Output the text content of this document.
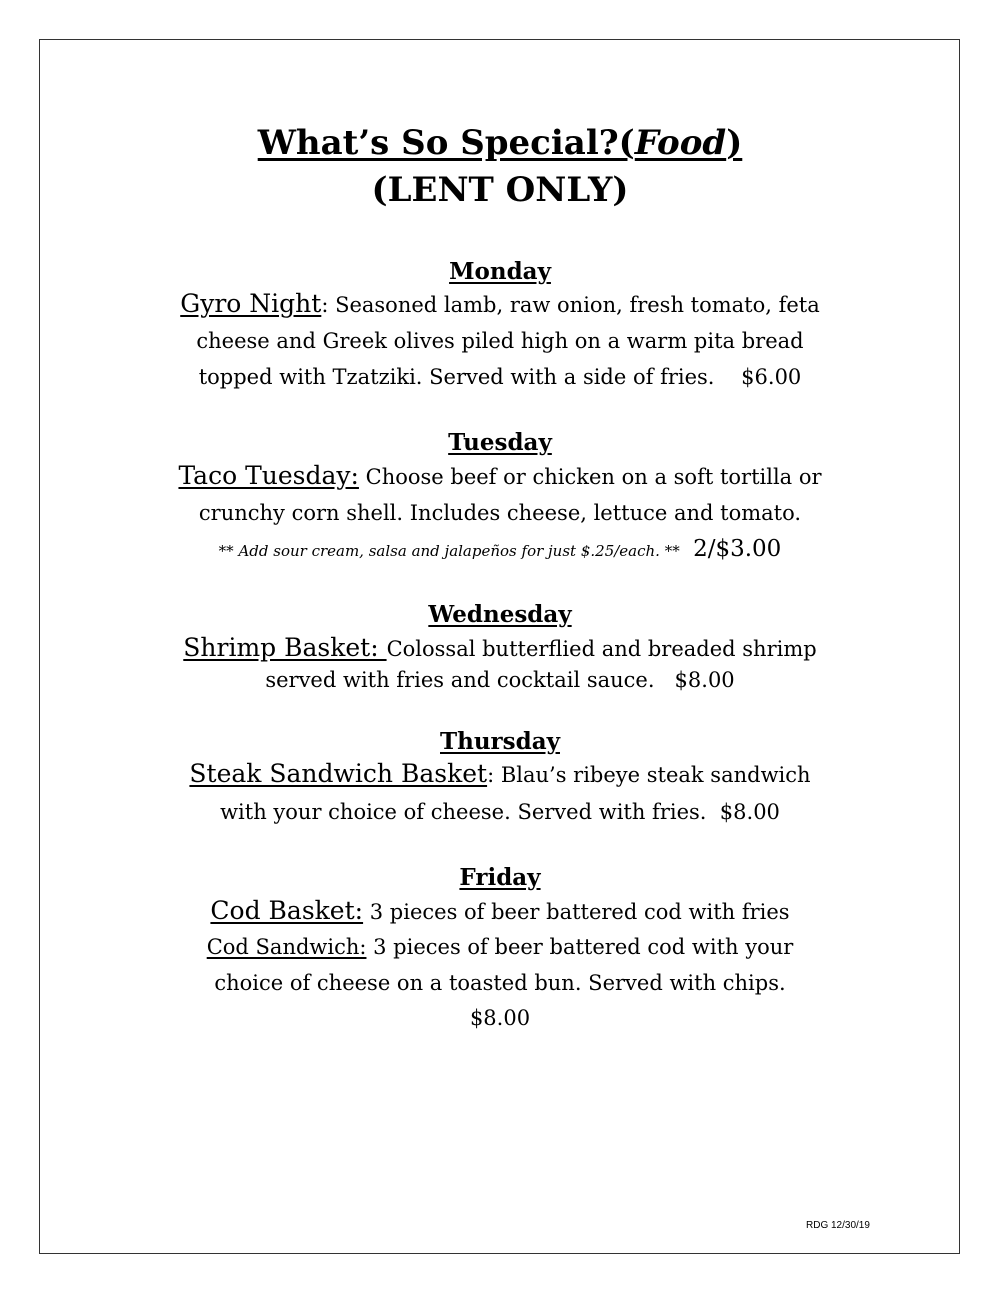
What’s So Special?(Food)
(LENT ONLY)
Monday
Gyro Night: Seasoned lamb, raw onion, fresh tomato, feta
cheese and Greek olives piled high on a warm pita bread
topped with Tzatziki. Served with a side of fries.    $6.00
Tuesday
Taco Tuesday: Choose beef or chicken on a soft tortilla or
crunchy corn shell. Includes cheese, lettuce and tomato.
** Add sour cream, salsa and jalapeños for just $.25/each. ** 2/$3.00
Wednesday
Shrimp Basket: Colossal butterflied and breaded shrimp
served with fries and cocktail sauce.   $8.00
Thursday
Steak Sandwich Basket: Blau’s ribeye steak sandwich
with your choice of cheese. Served with fries.  $8.00
Friday
Cod Basket: 3 pieces of beer battered cod with fries
Cod Sandwich: 3 pieces of beer battered cod with your
choice of cheese on a toasted bun. Served with chips.
$8.00
RDG 12/30/19
